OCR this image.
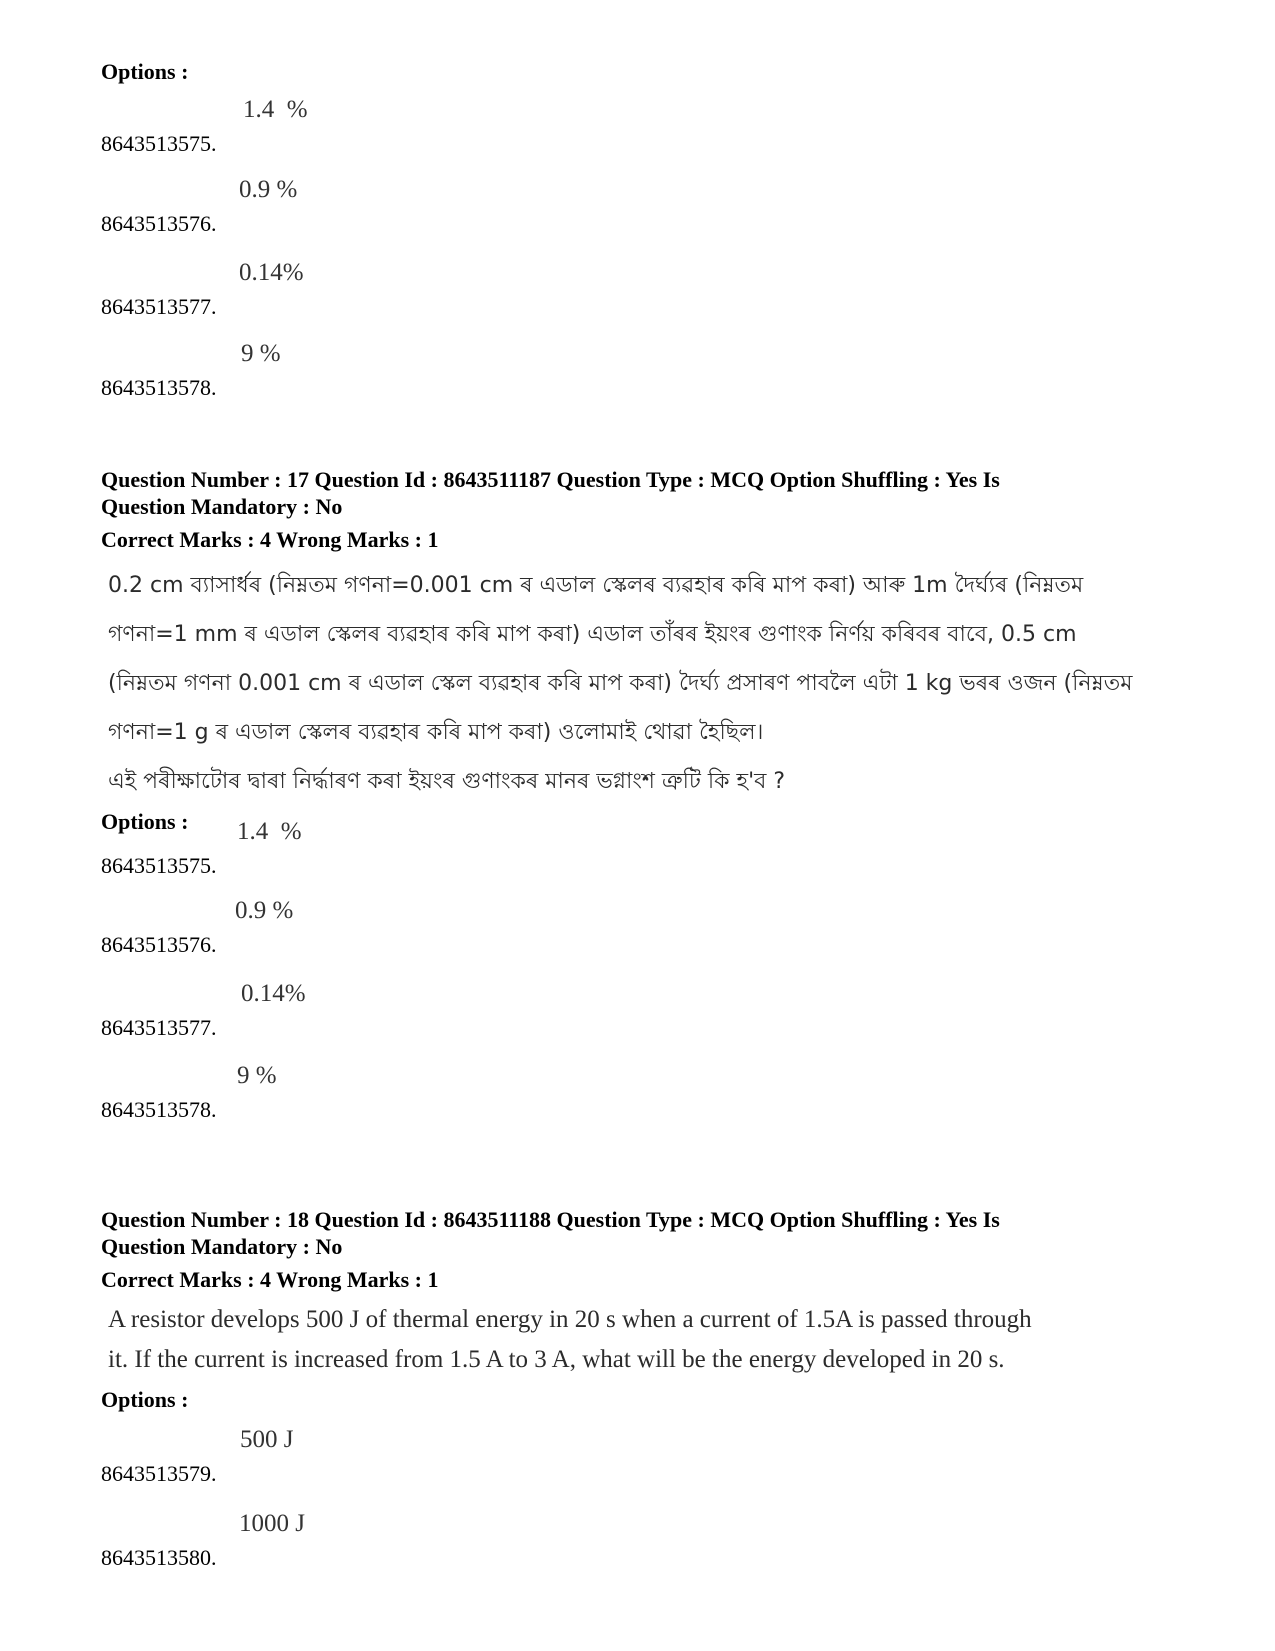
Options :
8643513575.
1.4  %
8643513576.
0.9 %
8643513577.
0.14%
8643513578.
9 %
Question Number : 17 Question Id : 8643511187 Question Type : MCQ Option Shuffling : Yes Is
Question Mandatory : No
Correct Marks : 4 Wrong Marks : 1
0.2 cm ব্যাসাৰ্ধৰ (নিম্নতম গণনা=0.001 cm ৰ এডাল স্কেলৰ ব্যৱহাৰ কৰি মাপ কৰা) আৰু 1m দৈৰ্ঘ্যৰ (নিম্নতম
গণনা=1 mm ৰ এডাল স্কেলৰ ব্যৱহাৰ কৰি মাপ কৰা) এডাল তাঁৰৰ ইয়ংৰ গুণাংক নিৰ্ণয় কৰিবৰ বাবে, 0.5 cm
(নিম্নতম গণনা 0.001 cm ৰ এডাল স্কেল ব্যৱহাৰ কৰি মাপ কৰা) দৈৰ্ঘ্য প্ৰসাৰণ পাবলৈ এটা 1 kg ভৰৰ ওজন (নিম্নতম
গণনা=1 g ৰ এডাল স্কেলৰ ব্যৱহাৰ কৰি মাপ কৰা) ওলোমাই থোৱা হৈছিল।
এই পৰীক্ষাটোৰ দ্বাৰা নিৰ্দ্ধাৰণ কৰা ইয়ংৰ গুণাংকৰ মানৰ ভগ্নাংশ ত্ৰুটি কি হ'ব ?
Options :
8643513575.
1.4  %
8643513576.
0.9 %
8643513577.
0.14%
8643513578.
9 %
Question Number : 18 Question Id : 8643511188 Question Type : MCQ Option Shuffling : Yes Is
Question Mandatory : No
Correct Marks : 4 Wrong Marks : 1
A resistor develops 500 J of thermal energy in 20 s when a current of 1.5A is passed through
it. If the current is increased from 1.5 A to 3 A, what will be the energy developed in 20 s.
Options :
8643513579.
500 J
8643513580.
1000 J
